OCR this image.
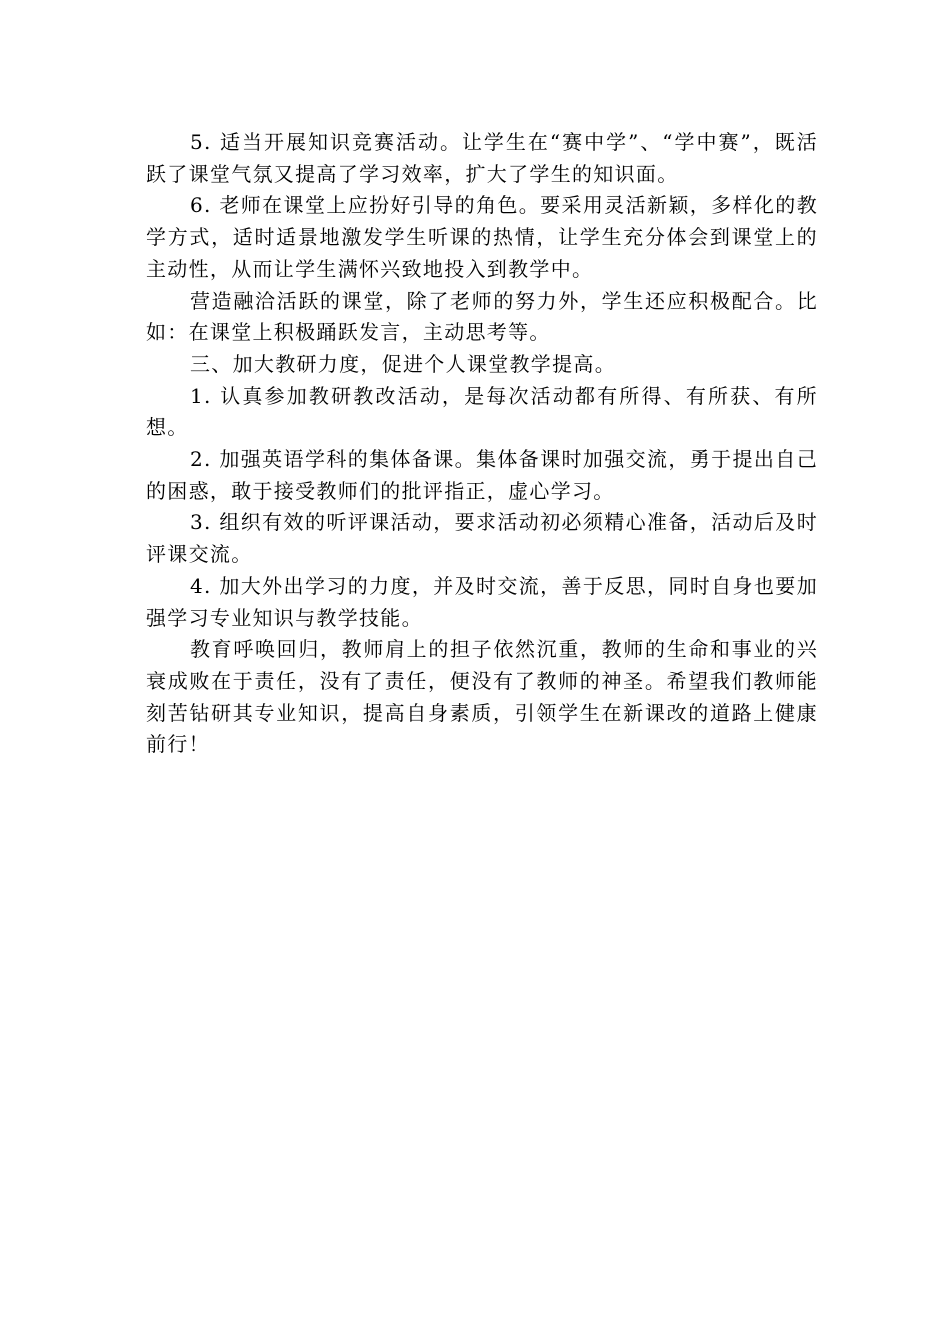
5. 适当开展知识竞赛活动。让学生在“赛中学”、“学中赛”，既活跃了课堂气氛又提高了学习效率，扩大了学生的知识面。

6. 老师在课堂上应扮好引导的角色。要采用灵活新颖，多样化的教学方式，适时适景地激发学生听课的热情，让学生充分体会到课堂上的主动性，从而让学生满怀兴致地投入到教学中。

营造融洽活跃的课堂，除了老师的努力外，学生还应积极配合。比如：在课堂上积极踊跃发言，主动思考等。

三、加大教研力度，促进个人课堂教学提高。

1. 认真参加教研教改活动，是每次活动都有所得、有所获、有所想。

2. 加强英语学科的集体备课。集体备课时加强交流，勇于提出自己的困惑，敢于接受教师们的批评指正，虚心学习。

3. 组织有效的听评课活动，要求活动初必须精心准备，活动后及时评课交流。

4. 加大外出学习的力度，并及时交流，善于反思，同时自身也要加强学习专业知识与教学技能。

教育呼唤回归，教师肩上的担子依然沉重，教师的生命和事业的兴衰成败在于责任，没有了责任，便没有了教师的神圣。希望我们教师能刻苦钻研其专业知识，提高自身素质，引领学生在新课改的道路上健康前行！
